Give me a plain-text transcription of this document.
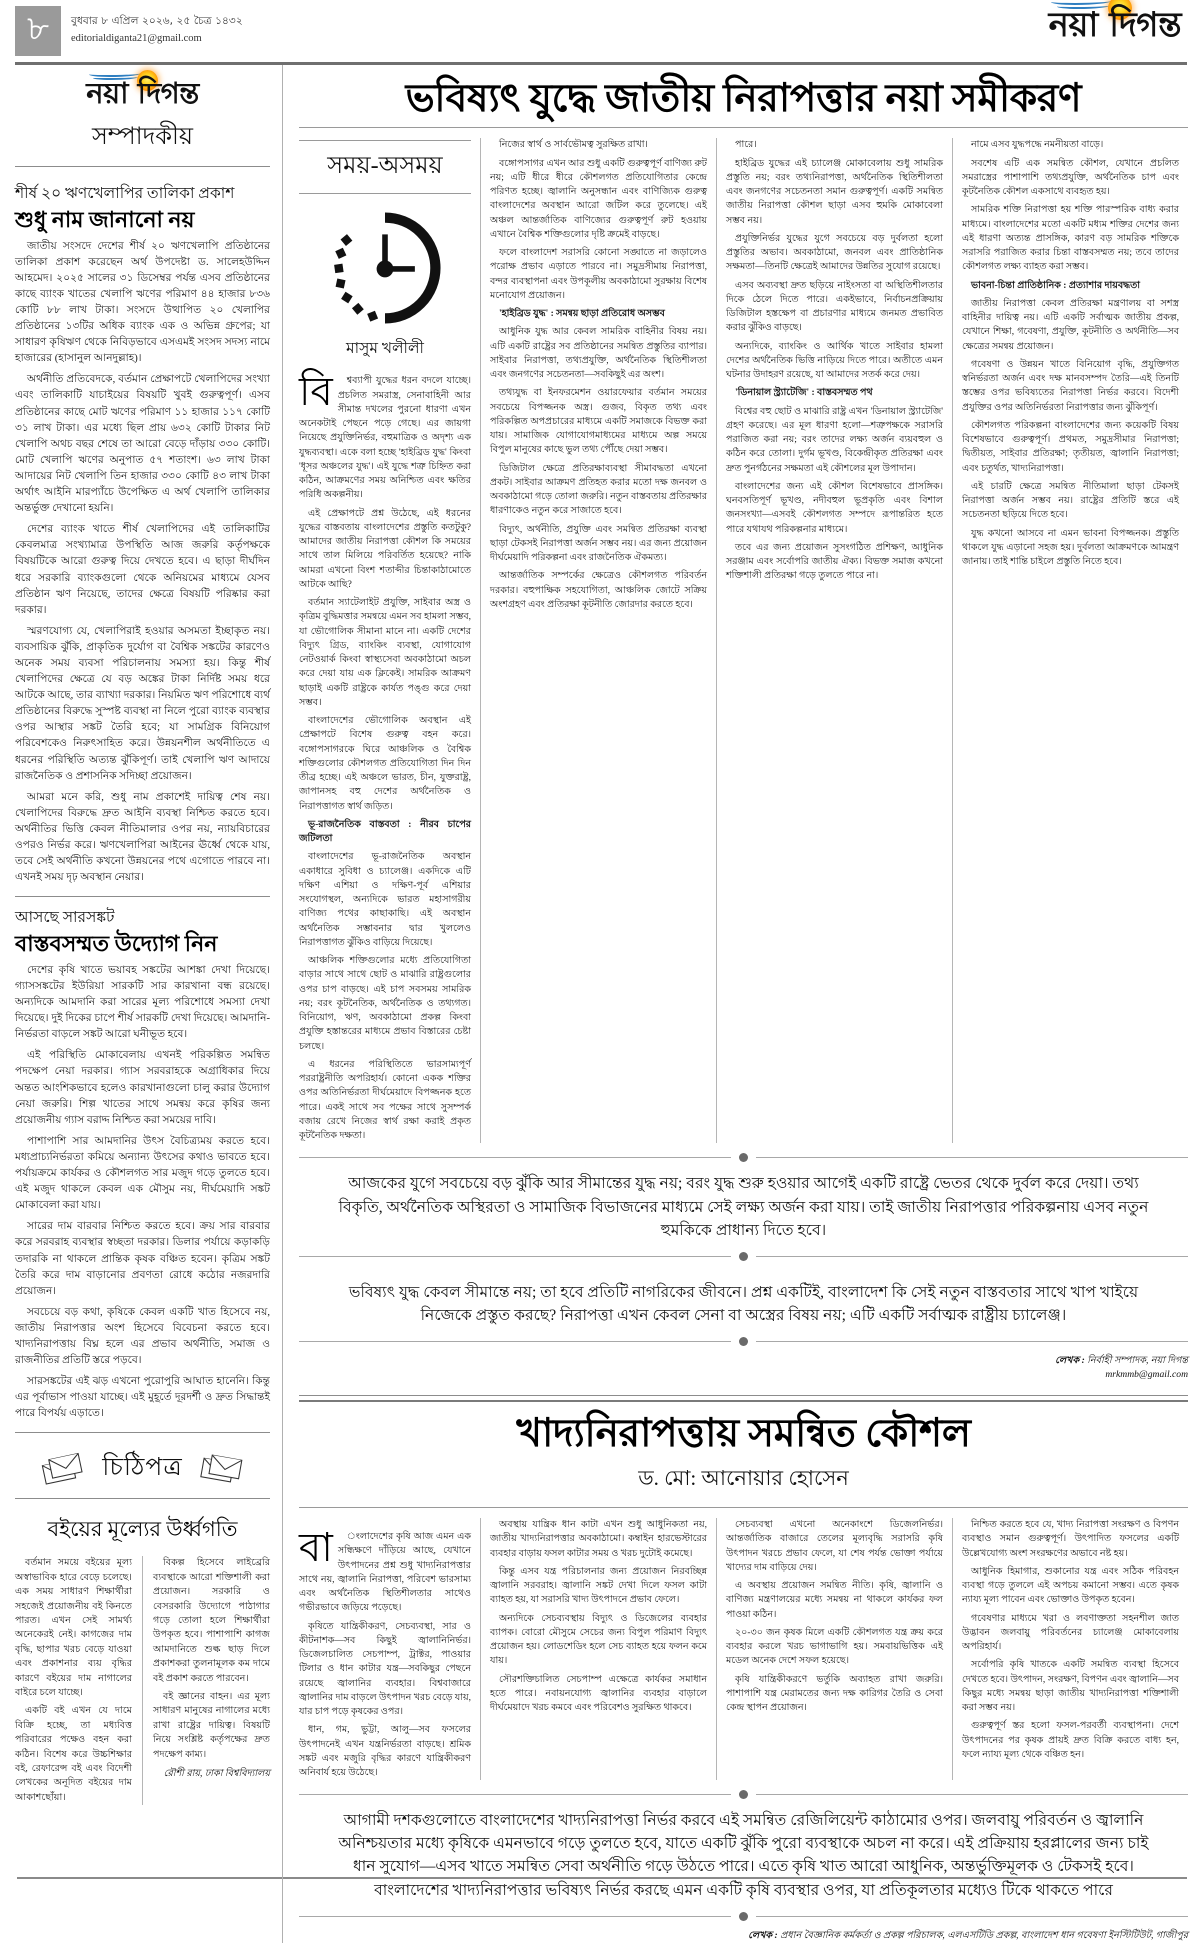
৮	বুধবার ৮ এপ্রিল ২০২৬, ২৫ চৈত্র ১৪৩২
editorialdiganta21@gmail.com	নয়া দিগন্ত
নয়া দিগন্ত
সম্পাদকীয়
শীর্ষ ২০ ঋণখেলাপির তালিকা প্রকাশ
শুধু নাম জানানো নয়

জাতীয় সংসদে দেশের শীর্ষ ২০ ঋণখেলাপি প্রতিষ্ঠানের তালিকা প্রকাশ করেছেন অর্থ উপদেষ্টা ড. সালেহউদ্দিন আহমেদ। ২০২৫ সালের ৩১ ডিসেম্বর পর্যন্ত এসব প্রতিষ্ঠানের কাছে ব্যাংক খাতের খেলাপি ঋণের পরিমাণ ৪৪ হাজার ৮৩৬ কোটি ৮৮ লাখ টাকা। সংসদে উত্থাপিত ২০ খেলাপির প্রতিষ্ঠানের ১৩টির অধিক ব্যাংক এক ও অভিন্ন গ্রুপের; যা সাধারণ কৃষিঋণ থেকে নিবিড়ভাবে এসএমই সংসদ সদস্য নামে হাজারের (হাসানুল আনদুল্লাহ)।

অর্থনীতি প্রতিবেদকে, বর্তমান প্রেক্ষাপটে খেলাপিদের সংখ্যা এবং তালিকাটি যাচাইয়ের বিষয়টি খুবই গুরুত্বপূর্ণ। এসব প্রতিষ্ঠানের কাছে মোট ঋণের পরিমাণ ১১ হাজার ১১৭ কোটি ৩১ লাখ টাকা। এর মধ্যে ছিল প্রায় ৬৩২ কোটি টাকার নিট খেলাপি অথচ বছর শেষে তা আরো বেড়ে দাঁড়ায় ৩৩০ কোটি। মোট খেলাপি ঋণের অনুপাত ৫৭ শতাংশ। ৬৩ লাখ টাকা আদায়ের নিট খেলাপি তিন হাজার ৩৩০ কোটি ৪৩ লাখ টাকা অর্থাৎ আইনি মারপ্যাঁচে উপেক্ষিত এ অর্থ খেলাপি তালিকার অন্তর্ভুক্ত দেখানো হয়নি।

দেশের ব্যাংক খাতে শীর্ষ খেলাপিদের এই তালিকাটির কেবলমাত্র সংখ্যামাত্র উপস্থিতি আজ জরুরি কর্তৃপক্ষকে বিষয়টিকে আরো গুরুত্ব দিয়ে দেখতে হবে। এ ছাড়া দীর্ঘদিন ধরে সরকারি ব্যাংকগুলো থেকে অনিয়মের মাধ্যমে যেসব প্রতিষ্ঠান ঋণ নিয়েছে, তাদের ক্ষেত্রে বিষয়টি পরিষ্কার করা দরকার।

স্মরণযোগ্য যে, খেলাপিরাই হওয়ার অসমতা ইচ্ছাকৃত নয়। ব্যবসায়িক ঝুঁকি, প্রাকৃতিক দুর্যোগ বা বৈশ্বিক সঙ্কটের কারণেও অনেক সময় ব্যবসা পরিচালনায় সমস্যা হয়। কিন্তু শীর্ষ খেলাপিদের ক্ষেত্রে যে বড় অঙ্কের টাকা নির্দিষ্ট সময় ধরে আটকে আছে, তার ব্যাখ্যা দরকার। নিয়মিত ঋণ পরিশোধে ব্যর্থ প্রতিষ্ঠানের বিরুদ্ধে সুস্পষ্ট ব্যবস্থা না নিলে পুরো ব্যাংক ব্যবস্থার ওপর আস্থার সঙ্কট তৈরি হবে; যা সামগ্রিক বিনিয়োগ পরিবেশকেও নিরুৎসাহিত করে। উন্নয়নশীল অর্থনীতিতে এ ধরনের পরিস্থিতি অত্যন্ত ঝুঁকিপূর্ণ। তাই খেলাপি ঋণ আদায়ে রাজনৈতিক ও প্রশাসনিক সদিচ্ছা প্রয়োজন।

আমরা মনে করি, শুধু নাম প্রকাশেই দায়িত্ব শেষ নয়। খেলাপিদের বিরুদ্ধে দ্রুত আইনি ব্যবস্থা নিশ্চিত করতে হবে। অর্থনীতির ভিত্তি কেবল নীতিমালার ওপর নয়, ন্যায়বিচারের ওপরও নির্ভর করে। ঋণখেলাপিরা আইনের ঊর্ধ্বে থেকে যায়, তবে সেই অর্থনীতি কখনো উন্নয়নের পথে এগোতে পারবে না। এখনই সময় দৃঢ় অবস্থান নেয়ার।

আসছে সারসঙ্কট
বাস্তবসম্মত উদ্যোগ নিন

দেশের কৃষি খাতে ভয়াবহ সঙ্কটের আশঙ্কা দেখা দিয়েছে। গ্যাসসঙ্কটের ইউরিয়া সারকটি সার কারখানা বন্ধ রয়েছে। অন্যদিকে আমদানি করা সারের মূল্য পরিশোধে সমস্যা দেখা দিয়েছে। দুই দিকের চাপে শীর্ষ সারকটি দেখা দিয়েছে। আমদানি-নির্ভরতা বাড়লে সঙ্কট আরো ঘনীভূত হবে।

এই পরিস্থিতি মোকাবেলায় এখনই পরিকল্পিত সমন্বিত পদক্ষেপ নেয়া দরকার। গ্যাস সরবরাহকে অগ্রাধিকার দিয়ে অন্তত আংশিকভাবে হলেও কারখানাগুলো চালু করার উদ্যোগ নেয়া জরুরি। শিল্প খাতের সাথে সমন্বয় করে কৃষির জন্য প্রয়োজনীয় গ্যাস বরাদ্দ নিশ্চিত করা সময়ের দাবি।

পাশাপাশি সার আমদানির উৎস বৈচিত্র্যময় করতে হবে। মধ্যপ্রাচ্যনির্ভরতা কমিয়ে অন্যান্য উৎসের কথাও ভাবতে হবে। পর্যায়ক্রমে কার্যকর ও কৌশলগত সার মজুদ গড়ে তুলতে হবে। এই মজুদ থাকলে কেবল এক মৌসুম নয়, দীর্ঘমেয়াদি সঙ্কট মোকাবেলা করা যায়।

সারের দাম বারবার নিশ্চিত করতে হবে। ক্রয় সার বারবার করে সরবরাহ ব্যবস্থার স্বচ্ছতা দরকার। ডিলার পর্যায়ে কড়াকড়ি তদারকি না থাকলে প্রান্তিক কৃষক বঞ্চিত হবেন। কৃত্রিম সঙ্কট তৈরি করে দাম বাড়ানোর প্রবণতা রোধে কঠোর নজরদারি প্রয়োজন।

সবচেয়ে বড় কথা, কৃষিকে কেবল একটি খাত হিসেবে নয়, জাতীয় নিরাপত্তার অংশ হিসেবে বিবেচনা করতে হবে। খাদ্যনিরাপত্তায় বিঘ্ন হলে এর প্রভাব অর্থনীতি, সমাজ ও রাজনীতির প্রতিটি স্তরে পড়বে।

সারসঙ্কটের এই ঝড় এখনো পুরোপুরি আঘাত হানেনি। কিন্তু এর পূর্বাভাস পাওয়া যাচ্ছে। এই মুহূর্তে দূরদর্শী ও দ্রুত সিদ্ধান্তই পারে বিপর্যয় এড়াতে।

চিঠিপত্র
বইয়ের মূল্যের উর্ধ্বগতি

বর্তমান সময়ে বইয়ের মূল্য অস্বাভাবিক হারে বেড়ে চলেছে। এক সময় সাধারণ শিক্ষার্থীরা সহজেই প্রয়োজনীয় বই কিনতে পারত। এখন সেই সামর্থ্য অনেকেরই নেই। কাগজের দাম বৃদ্ধি, ছাপার খরচ বেড়ে যাওয়া এবং প্রকাশনার ব্যয় বৃদ্ধির কারণে বইয়ের দাম নাগালের বাইরে চলে যাচ্ছে।

একটি বই এখন যে দামে বিক্রি হচ্ছে, তা মধ্যবিত্ত পরিবারের পক্ষেও বহন করা কঠিন। বিশেষ করে উচ্চশিক্ষার বই, রেফারেন্স বই এবং বিদেশী লেখকের অনূদিত বইয়ের দাম আকাশছোঁয়া।

বিকল্প হিসেবে লাইব্রেরি ব্যবস্থাকে আরো শক্তিশালী করা প্রয়োজন। সরকারি ও বেসরকারি উদ্যোগে পাঠাগার গড়ে তোলা হলে শিক্ষার্থীরা উপকৃত হবে। পাশাপাশি কাগজ আমদানিতে শুল্ক ছাড় দিলে প্রকাশকরা তুলনামূলক কম দামে বই প্রকাশ করতে পারবেন।

বই জ্ঞানের বাহন। এর মূল্য সাধারণ মানুষের নাগালের মধ্যে রাখা রাষ্ট্রের দায়িত্ব। বিষয়টি নিয়ে সংশ্লিষ্ট কর্তৃপক্ষের দ্রুত পদক্ষেপ কাম্য।

রৌশী রায়, ঢাকা বিশ্ববিদ্যালয়
ভবিষ্যৎ যুদ্ধে জাতীয় নিরাপত্তার নয়া সমীকরণ
সময়-অসময়
মাসুম খলীলী
বি	শ্বব্যাপী যুদ্ধের ধরন বদলে যাচ্ছে। প্রচলিত সমরাস্ত্র, সেনাবাহিনী আর সীমান্ত দখলের পুরনো ধারণা এখন অনেকটাই পেছনে পড়ে গেছে। এর জায়গা নিয়েছে প্রযুক্তিনির্ভর, বহুমাত্রিক ও অদৃশ্য এক যুদ্ধব্যবস্থা। একে বলা হচ্ছে 'হাইব্রিড যুদ্ধ' কিংবা 'ধূসর অঞ্চলের যুদ্ধ'। এই যুদ্ধে শত্রু চিহ্নিত করা কঠিন, আক্রমণের সময় অনিশ্চিত এবং ক্ষতির পরিধি অকল্পনীয়।

এই প্রেক্ষাপটে প্রশ্ন উঠেছে, এই ধরনের যুদ্ধের বাস্তবতায় বাংলাদেশের প্রস্তুতি কতটুকু? আমাদের জাতীয় নিরাপত্তা কৌশল কি সময়ের সাথে তাল মিলিয়ে পরিবর্তিত হয়েছে? নাকি আমরা এখনো বিংশ শতাব্দীর চিন্তাকাঠামোতে আটকে আছি?

বর্তমান স্যাটেলাইট প্রযুক্তি, সাইবার অস্ত্র ও কৃত্রিম বুদ্ধিমত্তার সমন্বয়ে এমন সব হামলা সম্ভব, যা ভৌগোলিক সীমানা মানে না। একটি দেশের বিদ্যুৎ গ্রিড, ব্যাংকিং ব্যবস্থা, যোগাযোগ নেটওয়ার্ক কিংবা স্বাস্থ্যসেবা অবকাঠামো অচল করে দেয়া যায় এক ক্লিকেই। সামরিক আক্রমণ ছাড়াই একটি রাষ্ট্রকে কার্যত পঙ্গু করে দেয়া সম্ভব।

বাংলাদেশের ভৌগোলিক অবস্থান এই প্রেক্ষাপটে বিশেষ গুরুত্ব বহন করে। বঙ্গোপসাগরকে ঘিরে আঞ্চলিক ও বৈশ্বিক শক্তিগুলোর কৌশলগত প্রতিযোগিতা দিন দিন তীব্র হচ্ছে। এই অঞ্চলে ভারত, চীন, যুক্তরাষ্ট্র, জাপানসহ বহু দেশের অর্থনৈতিক ও নিরাপত্তাগত স্বার্থ জড়িত।

ভূ-রাজনৈতিক বাস্তবতা : নীরব চাপের জটিলতা

বাংলাদেশের ভূ-রাজনৈতিক অবস্থান একাধারে সুবিধা ও চ্যালেঞ্জ। একদিকে এটি দক্ষিণ এশিয়া ও দক্ষিণ-পূর্ব এশিয়ার সংযোগস্থল, অন্যদিকে ভারত মহাসাগরীয় বাণিজ্য পথের কাছাকাছি। এই অবস্থান অর্থনৈতিক সম্ভাবনার দ্বার খুললেও নিরাপত্তাগত ঝুঁকিও বাড়িয়ে দিয়েছে।

আঞ্চলিক শক্তিগুলোর মধ্যে প্রতিযোগিতা বাড়ার সাথে সাথে ছোট ও মাঝারি রাষ্ট্রগুলোর ওপর চাপ বাড়ছে। এই চাপ সবসময় সামরিক নয়; বরং কূটনৈতিক, অর্থনৈতিক ও তথ্যগত। বিনিয়োগ, ঋণ, অবকাঠামো প্রকল্প কিংবা প্রযুক্তি হস্তান্তরের মাধ্যমে প্রভাব বিস্তারের চেষ্টা চলছে।

এ ধরনের পরিস্থিতিতে ভারসাম্যপূর্ণ পররাষ্ট্রনীতি অপরিহার্য। কোনো একক শক্তির ওপর অতিনির্ভরতা দীর্ঘমেয়াদে বিপজ্জনক হতে পারে। একই সাথে সব পক্ষের সাথে সুসম্পর্ক বজায় রেখে নিজের স্বার্থ রক্ষা করাই প্রকৃত কূটনৈতিক দক্ষতা।

নিজের স্বার্থ ও সার্বভৌমত্ব সুরক্ষিত রাখা।

বঙ্গোপসাগর এখন আর শুধু একটি গুরুত্বপূর্ণ বাণিজ্য রুট নয়; এটি ধীরে ধীরে কৌশলগত প্রতিযোগিতার কেন্দ্রে পরিণত হচ্ছে। জ্বালানি অনুসন্ধান এবং বাণিজ্যিক গুরুত্ব বাংলাদেশের অবস্থান আরো জটিল করে তুলেছে। এই অঞ্চল আন্তর্জাতিক বাণিজ্যের গুরুত্বপূর্ণ রুট হওয়ায় এখানে বৈশ্বিক শক্তিগুলোর দৃষ্টি ক্রমেই বাড়ছে।

ফলে বাংলাদেশ সরাসরি কোনো সঙ্ঘাতে না জড়ালেও পরোক্ষ প্রভাব এড়াতে পারবে না। সমুদ্রসীমায় নিরাপত্তা, বন্দর ব্যবস্থাপনা এবং উপকূলীয় অবকাঠামো সুরক্ষায় বিশেষ মনোযোগ প্রয়োজন।

'হাইব্রিড যুদ্ধ' : সমন্বয় ছাড়া প্রতিরোধ অসম্ভব

আধুনিক যুদ্ধ আর কেবল সামরিক বাহিনীর বিষয় নয়। এটি একটি রাষ্ট্রের সব প্রতিষ্ঠানের সমন্বিত প্রস্তুতির ব্যাপার। সাইবার নিরাপত্তা, তথ্যপ্রযুক্তি, অর্থনৈতিক স্থিতিশীলতা এবং জনগণের সচেতনতা—সবকিছুই এর অংশ।

তথ্যযুদ্ধ বা ইনফরমেশন ওয়ারফেয়ার বর্তমান সময়ের সবচেয়ে বিপজ্জনক অস্ত্র। গুজব, বিকৃত তথ্য এবং পরিকল্পিত অপপ্রচারের মাধ্যমে একটি সমাজকে বিভক্ত করা যায়। সামাজিক যোগাযোগমাধ্যমের মাধ্যমে অল্প সময়ে বিপুল মানুষের কাছে ভুল তথ্য পৌঁছে দেয়া সম্ভব।

ডিজিটাল ক্ষেত্রে প্রতিরক্ষাব্যবস্থা সীমাবদ্ধতা এখনো প্রকট। সাইবার আক্রমণ প্রতিহত করার মতো দক্ষ জনবল ও অবকাঠামো গড়ে তোলা জরুরি। নতুন বাস্তবতায় প্রতিরক্ষার ধারণাকেও নতুন করে সাজাতে হবে।

বিদ্যুৎ, অর্থনীতি, প্রযুক্তি এবং সমন্বিত প্রতিরক্ষা ব্যবস্থা ছাড়া টেকসই নিরাপত্তা অর্জন সম্ভব নয়। এর জন্য প্রয়োজন দীর্ঘমেয়াদি পরিকল্পনা এবং রাজনৈতিক ঐকমত্য।

আন্তর্জাতিক সম্পর্কের ক্ষেত্রেও কৌশলগত পরিবর্তন দরকার। বহুপাক্ষিক সহযোগিতা, আঞ্চলিক জোটে সক্রিয় অংশগ্রহণ এবং প্রতিরক্ষা কূটনীতি জোরদার করতে হবে।

পারে।

হাইব্রিড যুদ্ধের এই চ্যালেঞ্জ মোকাবেলায় শুধু সামরিক প্রস্তুতি নয়; বরং তথ্যনিরাপত্তা, অর্থনৈতিক স্থিতিশীলতা এবং জনগণের সচেতনতা সমান গুরুত্বপূর্ণ। একটি সমন্বিত জাতীয় নিরাপত্তা কৌশল ছাড়া এসব হুমকি মোকাবেলা সম্ভব নয়।

প্রযুক্তিনির্ভর যুদ্ধের যুগে সবচেয়ে বড় দুর্বলতা হলো প্রস্তুতির অভাব। অবকাঠামো, জনবল এবং প্রাতিষ্ঠানিক সক্ষমতা—তিনটি ক্ষেত্রেই আমাদের উন্নতির সুযোগ রয়েছে।

এসব অব্যবস্থা দ্রুত ছড়িয়ে নাইংসতা বা অস্থিতিশীলতার দিকে ঠেলে দিতে পারে। একইভাবে, নির্বাচনপ্রক্রিয়ায় ডিজিটাল হস্তক্ষেপ বা প্রচারণার মাধ্যমে জনমত প্রভাবিত করার ঝুঁকিও বাড়ছে।

অন্যদিকে, ব্যাংকিং ও আর্থিক খাতে সাইবার হামলা দেশের অর্থনৈতিক ভিত্তি নাড়িয়ে দিতে পারে। অতীতে এমন ঘটনার উদাহরণ রয়েছে, যা আমাদের সতর্ক করে দেয়।

'ডিনায়াল স্ট্র্যাটেজি' : বাস্তবসম্মত পথ

বিশ্বের বহু ছোট ও মাঝারি রাষ্ট্র এখন 'ডিনায়াল স্ট্র্যাটেজি' গ্রহণ করেছে। এর মূল ধারণা হলো—শত্রুপক্ষকে সরাসরি পরাজিত করা নয়; বরং তাদের লক্ষ্য অর্জন ব্যয়বহুল ও কঠিন করে তোলা। দুর্গম ভূখণ্ড, বিকেন্দ্রীকৃত প্রতিরক্ষা এবং দ্রুত পুনর্গঠনের সক্ষমতা এই কৌশলের মূল উপাদান।

বাংলাদেশের জন্য এই কৌশল বিশেষভাবে প্রাসঙ্গিক। ঘনবসতিপূর্ণ ভূখণ্ড, নদীবহুল ভূপ্রকৃতি এবং বিশাল জনসংখ্যা—এসবই কৌশলগত সম্পদে রূপান্তরিত হতে পারে যথাযথ পরিকল্পনার মাধ্যমে।

তবে এর জন্য প্রয়োজন সুসংগঠিত প্রশিক্ষণ, আধুনিক সরঞ্জাম এবং সর্বোপরি জাতীয় ঐক্য। বিভক্ত সমাজ কখনো শক্তিশালী প্রতিরক্ষা গড়ে তুলতে পারে না।

নামে এসব যুদ্ধপদ্ধে নমনীয়তা বাড়ে।

সবশেষ এটি এক সমন্বিত কৌশল, যেখানে প্রচলিত সমরাস্ত্রের পাশাপাশি তথ্যপ্রযুক্তি, অর্থনৈতিক চাপ এবং কূটনৈতিক কৌশল একসাথে ব্যবহৃত হয়।

সামরিক শক্তি নিরাপত্তা হয় শক্তি পারস্পরিক বাধ্য করার মাধ্যমে। বাংলাদেশের মতো একটি মধ্যম শক্তির দেশের জন্য এই ধারণা অত্যন্ত প্রাসঙ্গিক, কারণ বড় সামরিক শক্তিকে সরাসরি পরাজিত করার চিন্তা বাস্তবসম্মত নয়; তবে তাদের কৌশলগত লক্ষ্য ব্যাহত করা সম্ভব।

ভাবনা-চিন্তা প্রাতিষ্ঠানিক : প্রত্যাশার দায়বদ্ধতা

জাতীয় নিরাপত্তা কেবল প্রতিরক্ষা মন্ত্রণালয় বা সশস্ত্র বাহিনীর দায়িত্ব নয়। এটি একটি সর্বাত্মক জাতীয় প্রকল্প, যেখানে শিক্ষা, গবেষণা, প্রযুক্তি, কূটনীতি ও অর্থনীতি—সব ক্ষেত্রের সমন্বয় প্রয়োজন।

গবেষণা ও উন্নয়ন খাতে বিনিয়োগ বৃদ্ধি, প্রযুক্তিগত স্বনির্ভরতা অর্জন এবং দক্ষ মানবসম্পদ তৈরি—এই তিনটি স্তম্ভের ওপর ভবিষ্যতের নিরাপত্তা নির্ভর করবে। বিদেশী প্রযুক্তির ওপর অতিনির্ভরতা নিরাপত্তার জন্য ঝুঁকিপূর্ণ।

কৌশলগত পরিকল্পনা বাংলাদেশের জন্য কয়েকটি বিষয় বিশেষভাবে গুরুত্বপূর্ণ। প্রথমত, সমুদ্রসীমার নিরাপত্তা; দ্বিতীয়ত, সাইবার প্রতিরক্ষা; তৃতীয়ত, জ্বালানি নিরাপত্তা; এবং চতুর্থত, খাদ্যনিরাপত্তা।

এই চারটি ক্ষেত্রে সমন্বিত নীতিমালা ছাড়া টেকসই নিরাপত্তা অর্জন সম্ভব নয়। রাষ্ট্রের প্রতিটি স্তরে এই সচেতনতা ছড়িয়ে দিতে হবে।

যুদ্ধ কখনো আসবে না এমন ভাবনা বিপজ্জনক। প্রস্তুতি থাকলে যুদ্ধ এড়ানো সহজ হয়। দুর্বলতা আক্রমণকে আমন্ত্রণ জানায়। তাই শান্তি চাইলে প্রস্তুতি নিতে হবে।

আজকের যুগে সবচেয়ে বড় ঝুঁকি আর সীমান্তের যুদ্ধ নয়; বরং যুদ্ধ শুরু হওয়ার আগেই একটি রাষ্ট্রে ভেতর থেকে দুর্বল করে দেয়া। তথ্য বিকৃতি, অর্থনৈতিক অস্থিরতা ও সামাজিক বিভাজনের মাধ্যমে সেই লক্ষ্য অর্জন করা যায়। তাই জাতীয় নিরাপত্তার পরিকল্পনায় এসব নতুন হুমকিকে প্রাধান্য দিতে হবে।
ভবিষ্যৎ যুদ্ধ কেবল সীমান্তে নয়; তা হবে প্রতিটি নাগরিকের জীবনে। প্রশ্ন একটিই, বাংলাদেশ কি সেই নতুন বাস্তবতার সাথে খাপ খাইয়ে নিজেকে প্রস্তুত করছে? নিরাপত্তা এখন কেবল সেনা বা অস্ত্রের বিষয় নয়; এটি একটি সর্বাত্মক রাষ্ট্রীয় চ্যালেঞ্জ।
লেখক : নির্বাহী সম্পাদক, নয়া দিগন্ত
mrkmmb@gmail.com
খাদ্যনিরাপত্তায় সমন্বিত কৌশল
ড. মো: আনোয়ার হোসেন
বা	ংলাদেশের কৃষি আজ এমন এক সন্ধিক্ষণে দাঁড়িয়ে আছে, যেখানে উৎপাদনের প্রশ্ন শুধু খাদ্যনিরাপত্তার সাথে নয়, জ্বালানি নিরাপত্তা, পরিবেশ ভারসাম্য এবং অর্থনৈতিক স্থিতিশীলতার সাথেও গভীরভাবে জড়িয়ে পড়েছে।

কৃষিতে যান্ত্রিকীকরণ, সেচব্যবস্থা, সার ও কীটনাশক—সব কিছুই জ্বালানিনির্ভর। ডিজেলচালিত সেচপাম্প, ট্রাক্টর, পাওয়ার টিলার ও ধান কাটার যন্ত্র—সবকিছুর পেছনে রয়েছে জ্বালানির ব্যবহার। বিশ্ববাজারে জ্বালানির দাম বাড়লে উৎপাদন খরচ বেড়ে যায়, যার চাপ পড়ে কৃষকের ওপর।

ধান, গম, ভুট্টা, আলু—সব ফসলের উৎপাদনেই এখন যন্ত্রনির্ভরতা বাড়ছে। শ্রমিক সঙ্কট এবং মজুরি বৃদ্ধির কারণে যান্ত্রিকীকরণ অনিবার্য হয়ে উঠেছে।

অবস্থায় যান্ত্রিক ধান কাটা এখন শুধু আধুনিকতা নয়, জাতীয় খাদ্যনিরাপত্তার অবকাঠামো। কম্বাইন হারভেস্টারের ব্যবহার বাড়ায় ফসল কাটার সময় ও খরচ দুটোই কমেছে।

কিন্তু এসব যন্ত্র পরিচালনার জন্য প্রয়োজন নিরবচ্ছিন্ন জ্বালানি সরবরাহ। জ্বালানি সঙ্কট দেখা দিলে ফসল কাটা ব্যাহত হয়, যা সরাসরি খাদ্য উৎপাদনে প্রভাব ফেলে।

অন্যদিকে সেচব্যবস্থায় বিদ্যুৎ ও ডিজেলের ব্যবহার ব্যাপক। বোরো মৌসুমে সেচের জন্য বিপুল পরিমাণ বিদ্যুৎ প্রয়োজন হয়। লোডশেডিং হলে সেচ ব্যাহত হয়ে ফলন কমে যায়।

সৌরশক্তিচালিত সেচপাম্প এক্ষেত্রে কার্যকর সমাধান হতে পারে। নবায়নযোগ্য জ্বালানির ব্যবহার বাড়ালে দীর্ঘমেয়াদে খরচ কমবে এবং পরিবেশও সুরক্ষিত থাকবে।

সেচব্যবস্থা এখনো অনেকাংশে ডিজেলনির্ভর। আন্তর্জাতিক বাজারে তেলের মূল্যবৃদ্ধি সরাসরি কৃষি উৎপাদন খরচে প্রভাব ফেলে, যা শেষ পর্যন্ত ভোক্তা পর্যায়ে খাদ্যের দাম বাড়িয়ে দেয়।

এ অবস্থায় প্রয়োজন সমন্বিত নীতি। কৃষি, জ্বালানি ও বাণিজ্য মন্ত্রণালয়ের মধ্যে সমন্বয় না থাকলে কার্যকর ফল পাওয়া কঠিন।

২০-৩০ জন কৃষক মিলে একটি কৌশলগত যন্ত্র ক্রয় করে ব্যবহার করলে খরচ ভাগাভাগি হয়। সমবায়ভিত্তিক এই মডেল অনেক দেশে সফল হয়েছে।

কৃষি যান্ত্রিকীকরণে ভর্তুকি অব্যাহত রাখা জরুরি। পাশাপাশি যন্ত্র মেরামতের জন্য দক্ষ কারিগর তৈরি ও সেবা কেন্দ্র স্থাপন প্রয়োজন।

নিশ্চিত করতে হবে যে, খাদ্য নিরাপত্তা সংরক্ষণ ও বিপণন ব্যবস্থাও সমান গুরুত্বপূর্ণ। উৎপাদিত ফসলের একটি উল্লেখযোগ্য অংশ সংরক্ষণের অভাবে নষ্ট হয়।

আধুনিক হিমাগার, শুকানোর যন্ত্র এবং সঠিক পরিবহন ব্যবস্থা গড়ে তুললে এই অপচয় কমানো সম্ভব। এতে কৃষক ন্যায্য মূল্য পাবেন এবং ভোক্তাও উপকৃত হবেন।

গবেষণার মাধ্যমে খরা ও লবণাক্ততা সহনশীল জাত উদ্ভাবন জলবায়ু পরিবর্তনের চ্যালেঞ্জ মোকাবেলায় অপরিহার্য।

সর্বোপরি কৃষি খাতকে একটি সমন্বিত ব্যবস্থা হিসেবে দেখতে হবে। উৎপাদন, সংরক্ষণ, বিপণন এবং জ্বালানি—সব কিছুর মধ্যে সমন্বয় ছাড়া জাতীয় খাদ্যনিরাপত্তা শক্তিশালী করা সম্ভব নয়।

গুরুত্বপূর্ণ স্তর হলো ফসল-পরবর্তী ব্যবস্থাপনা। দেশে উৎপাদনের পর কৃষক প্রায়ই দ্রুত বিক্রি করতে বাধ্য হন, ফলে ন্যায্য মূল্য থেকে বঞ্চিত হন।

আগামী দশকগুলোতে বাংলাদেশের খাদ্যনিরাপত্তা নির্ভর করবে এই সমন্বিত রেজিলিয়েন্ট কাঠামোর ওপর। জলবায়ু পরিবর্তন ও জ্বালানি অনিশ্চয়তার মধ্যে কৃষিকে এমনভাবে গড়ে তুলতে হবে, যাতে একটি ঝুঁকি পুরো ব্যবস্থাকে অচল না করে। এই প্রক্রিয়ায় হরপ্লালের জন্য চাই ধান সুযোগ—এসব খাতে সমন্বিত সেবা অর্থনীতি গড়ে উঠতে পারে। এতে কৃষি খাত আরো আধুনিক, অন্তর্ভুক্তিমূলক ও টেকসই হবে। বাংলাদেশের খাদ্যনিরাপত্তার ভবিষ্যৎ নির্ভর করছে এমন একটি কৃষি ব্যবস্থার ওপর, যা প্রতিকূলতার মধ্যেও টিকে থাকতে পারে
লেখক : প্রধান বৈজ্ঞানিক কর্মকর্তা ও প্রকল্প পরিচালক, এলএসটিডি প্রকল্প, বাংলাদেশ ধান গবেষণা ইনস্টিটিউট, গাজীপুর
